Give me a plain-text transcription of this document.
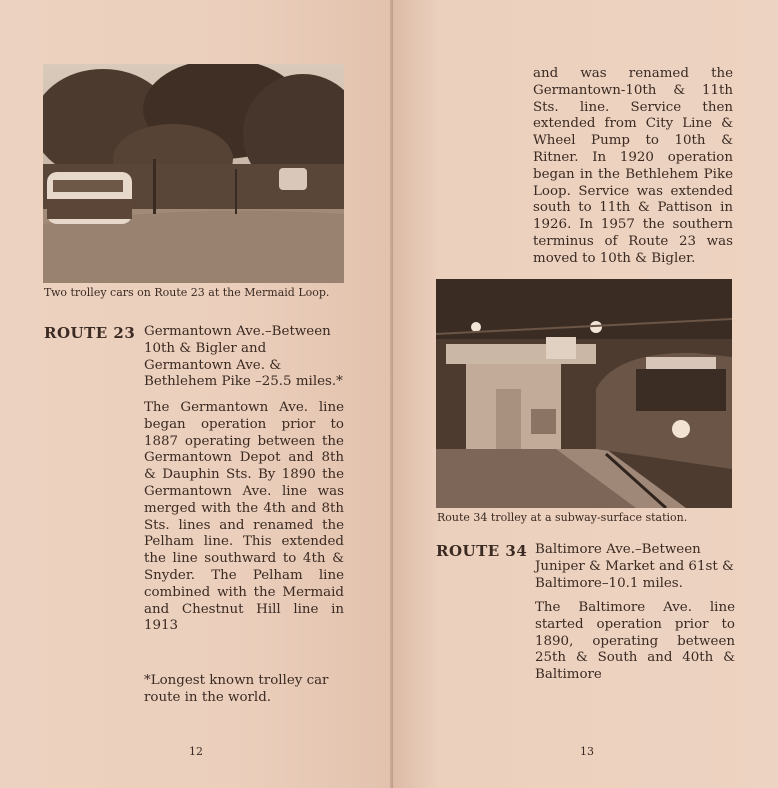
Two trolley cars on Route 23 at the Mermaid Loop.
ROUTE 23 Germantown Ave.–Between 10th & Bigler and Germantown Ave. & Bethlehem Pike –25.5 miles.*
The Germantown Ave. line began operation prior to 1887 operating between the Germantown Depot and 8th & Dauphin Sts. By 1890 the Germantown Ave. line was merged with the 4th and 8th Sts. lines and renamed the Pelham line. This extended the line southward to 4th & Snyder. The Pelham line combined with the Mermaid and Chestnut Hill line in 1913
*Longest known trolley car route in the world.
12
and was renamed the Germantown-10th & 11th Sts. line. Service then extended from City Line & Wheel Pump to 10th & Ritner. In 1920 operation began in the Bethlehem Pike Loop. Service was extended south to 11th & Pattison in 1926. In 1957 the southern terminus of Route 23 was moved to 10th & Bigler.
Route 34 trolley at a subway-surface station.
ROUTE 34 Baltimore Ave.–Between Juniper & Market and 61st & Baltimore–10.1 miles.
The Baltimore Ave. line started operation prior to 1890, operating between 25th & South and 40th & Baltimore
13
